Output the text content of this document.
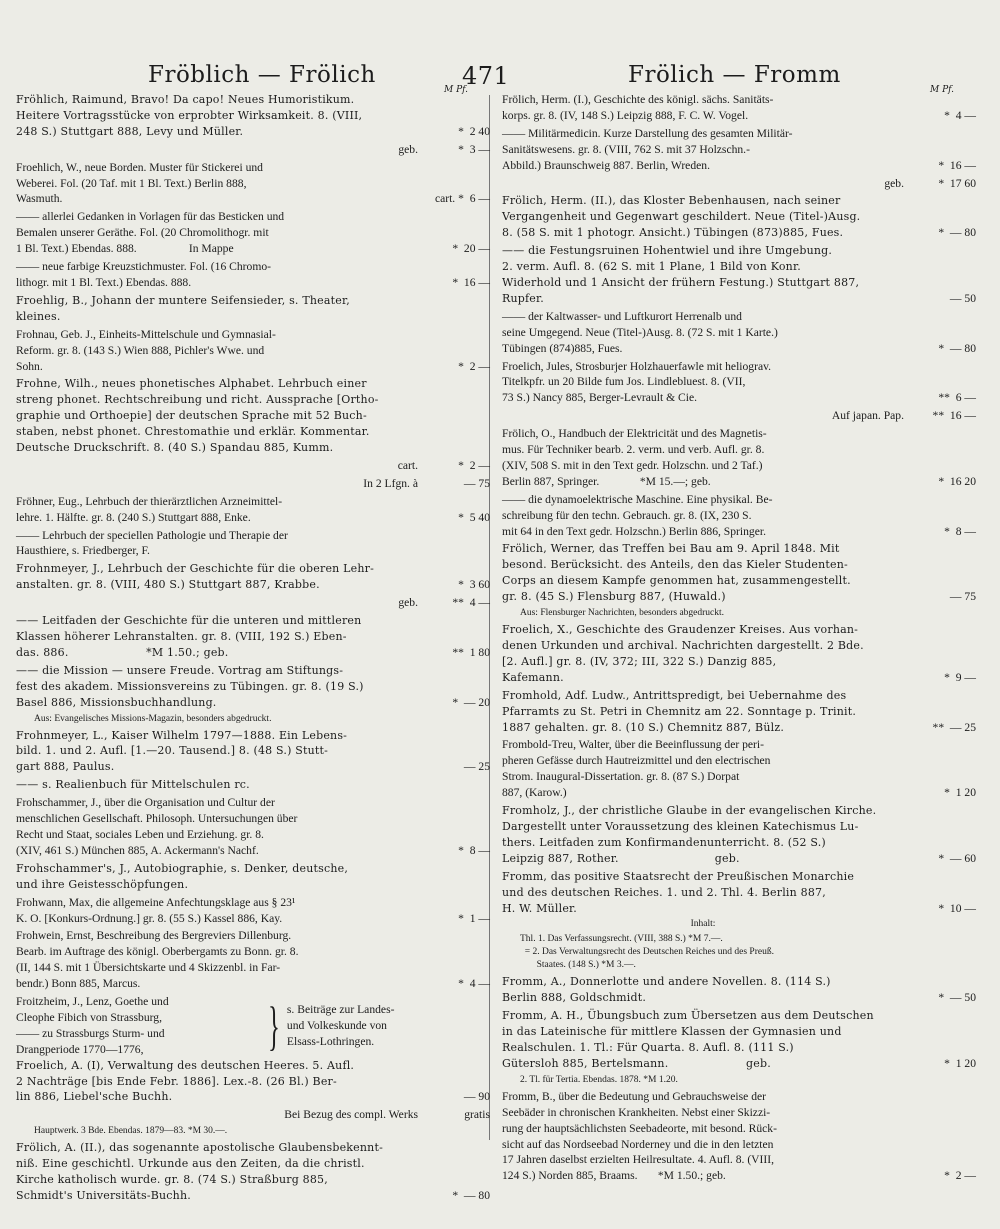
Fröblich — Frölich	471	Frölich — Fromm
M Pf.	M Pf.
Fröhlich, Raimund, Bravo! Da capo! Neues Humoristikum.
Heitere Vortragsstücke von erprobter Wirksamkeit. 8. (VIII,
248 S.) Stuttgart 888, Levy und Müller.	*  2 40
geb.	*  3 —
Froehlich, W., neue Borden. Muster für Stickerei und
Weberei. Fol. (20 Taf. mit 1 Bl. Text.) Berlin 888,
Wasmuth.	cart. *  6 —
—— allerlei Gedanken in Vorlagen für das Besticken und
Bemalen unserer Geräthe. Fol. (20 Chromolithogr. mit
1 Bl. Text.) Ebendas. 888.                  In Mappe	*  20 —
—— neue farbige Kreuzstichmuster. Fol. (16 Chromo-
lithogr. mit 1 Bl. Text.) Ebendas. 888.	*  16 —
Froehlig, B., Johann der muntere Seifensieder, s. Theater,
kleines.
Frohnau, Geb. J., Einheits-Mittelschule und Gymnasial-
Reform. gr. 8. (143 S.) Wien 888, Pichler's Wwe. und
Sohn.	*  2 —
Frohne, Wilh., neues phonetisches Alphabet. Lehrbuch einer
streng phonet. Rechtschreibung und richt. Aussprache [Ortho-
graphie und Orthoepie] der deutschen Sprache mit 52 Buch-
staben, nebst phonet. Chrestomathie und erklär. Kommentar.
Deutsche Druckschrift. 8. (40 S.) Spandau 885, Kumm.
cart.	*  2 —
In 2 Lfgn. à	— 75
Fröhner, Eug., Lehrbuch der thierärztlichen Arzneimittel-
lehre. 1. Hälfte. gr. 8. (240 S.) Stuttgart 888, Enke.	*  5 40
—— Lehrbuch der speciellen Pathologie und Therapie der
Hausthiere, s. Friedberger, F.
Frohnmeyer, J., Lehrbuch der Geschichte für die oberen Lehr-
anstalten. gr. 8. (VIII, 480 S.) Stuttgart 887, Krabbe.	*  3 60
geb.	**  4 —
—— Leitfaden der Geschichte für die unteren und mittleren
Klassen höherer Lehranstalten. gr. 8. (VIII, 192 S.) Eben-
das. 886.                     *M 1.50.; geb.	**  1 80
—— die Mission — unsere Freude. Vortrag am Stiftungs-
fest des akadem. Missionsvereins zu Tübingen. gr. 8. (19 S.)
Basel 886, Missionsbuchhandlung.	*  — 20
Aus: Evangelisches Missions-Magazin, besonders abgedruckt.
Frohnmeyer, L., Kaiser Wilhelm 1797—1888. Ein Lebens-
bild. 1. und 2. Aufl. [1.—20. Tausend.] 8. (48 S.) Stutt-
gart 888, Paulus.	— 25
—— s. Realienbuch für Mittelschulen rc.
Frohschammer, J., über die Organisation und Cultur der
menschlichen Gesellschaft. Philosoph. Untersuchungen über
Recht und Staat, sociales Leben und Erziehung. gr. 8.
(XIV, 461 S.) München 885, A. Ackermann's Nachf.	*  8 —
Frohschammer's, J., Autobiographie, s. Denker, deutsche,
und ihre Geistesschöpfungen.
Frohwann, Max, die allgemeine Anfechtungsklage aus § 23¹
K. O. [Konkurs-Ordnung.] gr. 8. (55 S.) Kassel 886, Kay.	*  1 —
Frohwein, Ernst, Beschreibung des Bergreviers Dillenburg.
Bearb. im Auftrage des königl. Oberbergamts zu Bonn. gr. 8.
(II, 144 S. mit 1 Übersichtskarte und 4 Skizzenbl. in Far-
bendr.) Bonn 885, Marcus.	*  4 —
Froitzheim, J., Lenz, Goethe und
Cleophe Fibich von Strassburg,
—— zu Strassburgs Sturm- und
Drangperiode 1770—1776,	} s. Beiträge zur Landes-
und Volkeskunde von
Elsass-Lothringen.
Froelich, A. (I), Verwaltung des deutschen Heeres. 5. Aufl.
2 Nachträge [bis Ende Febr. 1886]. Lex.-8. (26 Bl.) Ber-
lin 886, Liebel'sche Buchh.	— 90
Bei Bezug des compl. Werks	gratis
Hauptwerk. 3 Bde. Ebendas. 1879—83. *M 30.—.
Frölich, A. (II.), das sogenannte apostolische Glaubensbekennt-
niß. Eine geschichtl. Urkunde aus den Zeiten, da die christl.
Kirche katholisch wurde. gr. 8. (74 S.) Straßburg 885,
Schmidt's Universitäts-Buchh.	*  — 80
Frölich, Herm. (I.), Geschichte des königl. sächs. Sanitäts-
korps. gr. 8. (IV, 148 S.) Leipzig 888, F. C. W. Vogel.	*  4 —
—— Militärmedicin. Kurze Darstellung des gesamten Militär-
Sanitätswesens. gr. 8. (VIII, 762 S. mit 37 Holzschn.-
Abbild.) Braunschweig 887. Berlin, Wreden.	*  16 —
geb.	*  17 60
Frölich, Herm. (II.), das Kloster Bebenhausen, nach seiner
Vergangenheit und Gegenwart geschildert. Neue (Titel-)Ausg.
8. (58 S. mit 1 photogr. Ansicht.) Tübingen (873)885, Fues.	*  — 80
—— die Festungsruinen Hohentwiel und ihre Umgebung.
2. verm. Aufl. 8. (62 S. mit 1 Plane, 1 Bild von Konr.
Widerhold und 1 Ansicht der frühern Festung.) Stuttgart 887,
Rupfer.	— 50
—— der Kaltwasser- und Luftkurort Herrenalb und
seine Umgegend. Neue (Titel-)Ausg. 8. (72 S. mit 1 Karte.)
Tübingen (874)885, Fues.	*  — 80
Froelich, Jules, Strosburjer Holzhauerfawle mit heliograv.
Titelkpfr. un 20 Bilde fum Jos. Lindlebluest. 8. (VII,
73 S.) Nancy 885, Berger-Levrault & Cie.	**  6 —
Auf japan. Pap.	**  16 —
Frölich, O., Handbuch der Elektricität und des Magnetis-
mus. Für Techniker bearb. 2. verm. und verb. Aufl. gr. 8.
(XIV, 508 S. mit in den Text gedr. Holzschn. und 2 Taf.)
Berlin 887, Springer.              *M 15.—; geb.	*  16 20
—— die dynamoelektrische Maschine. Eine physikal. Be-
schreibung für den techn. Gebrauch. gr. 8. (IX, 230 S.
mit 64 in den Text gedr. Holzschn.) Berlin 886, Springer.	*  8 —
Frölich, Werner, das Treffen bei Bau am 9. April 1848. Mit
besond. Berücksicht. des Anteils, den das Kieler Studenten-
Corps an diesem Kampfe genommen hat, zusammengestellt.
gr. 8. (45 S.) Flensburg 887, (Huwald.)	— 75
Aus: Flensburger Nachrichten, besonders abgedruckt.
Froelich, X., Geschichte des Graudenzer Kreises. Aus vorhan-
denen Urkunden und archival. Nachrichten dargestellt. 2 Bde.
[2. Aufl.] gr. 8. (IV, 372; III, 322 S.) Danzig 885,
Kafemann.	*  9 —
Fromhold, Adf. Ludw., Antrittspredigt, bei Uebernahme des
Pfarramts zu St. Petri in Chemnitz am 22. Sonntage p. Trinit.
1887 gehalten. gr. 8. (10 S.) Chemnitz 887, Bülz.	**  — 25
Frombold-Treu, Walter, über die Beeinflussung der peri-
pheren Gefässe durch Hautreizmittel und den electrischen
Strom. Inaugural-Dissertation. gr. 8. (87 S.) Dorpat
887, (Karow.)	*  1 20
Fromholz, J., der christliche Glaube in der evangelischen Kirche.
Dargestellt unter Voraussetzung des kleinen Katechismus Lu-
thers. Leitfaden zum Konfirmandenunterricht. 8. (52 S.)
Leipzig 887, Rother.                          geb.	*  — 60
Fromm, das positive Staatsrecht der Preußischen Monarchie
und des deutschen Reiches. 1. und 2. Thl. 4. Berlin 887,
H. W. Müller.	*  10 —
Inhalt:
Thl. 1. Das Verfassungsrecht. (VIII, 388 S.) *M 7.—.
= 2. Das Verwaltungsrecht des Deutschen Reiches und des Preuß.
Staates. (148 S.) *M 3.—.
Fromm, A., Donnerlotte und andere Novellen. 8. (114 S.)
Berlin 888, Goldschmidt.	*  — 50
Fromm, A. H., Übungsbuch zum Übersetzen aus dem Deutschen
in das Lateinische für mittlere Klassen der Gymnasien und
Realschulen. 1. Tl.: Für Quarta. 8. Aufl. 8. (111 S.)
Gütersloh 885, Bertelsmann.                     geb.	*  1 20
2. Tl. für Tertia. Ebendas. 1878. *M 1.20.
Fromm, B., über die Bedeutung und Gebrauchsweise der
Seebäder in chronischen Krankheiten. Nebst einer Skizzi-
rung der hauptsächlichsten Seebadeorte, mit besond. Rück-
sicht auf das Nordseebad Norderney und die in den letzten
17 Jahren daselbst erzielten Heilresultate. 4. Aufl. 8. (VIII,
124 S.) Norden 885, Braams.       *M 1.50.; geb.	*  2 —
